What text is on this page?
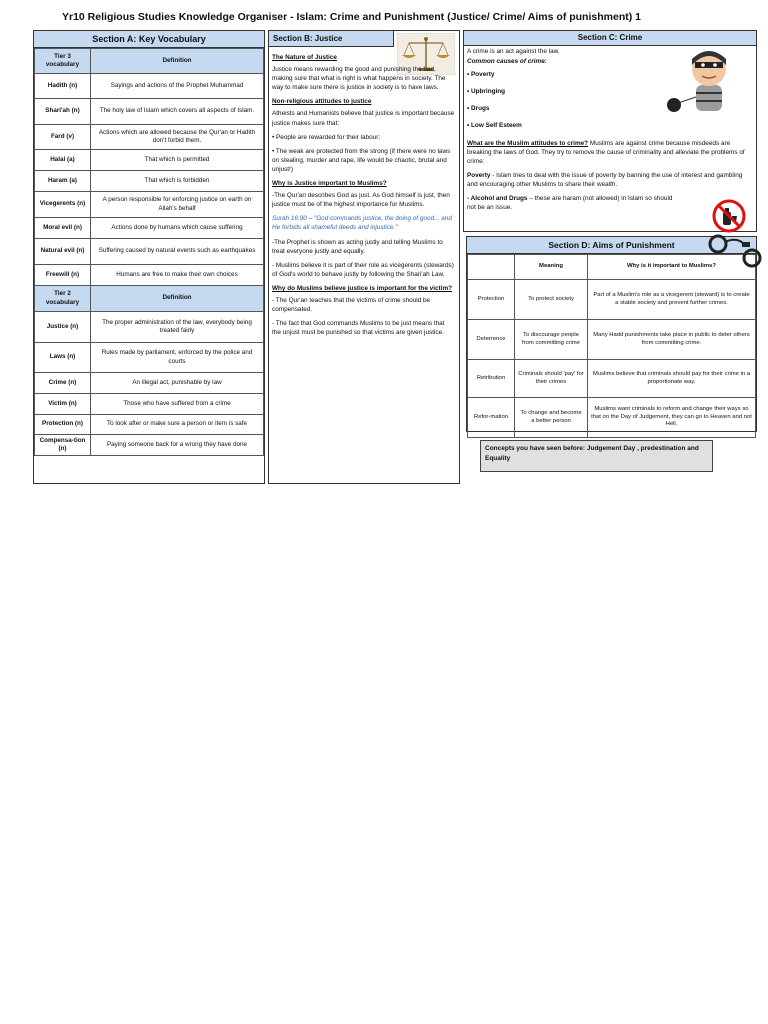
Yr10 Religious Studies Knowledge Organiser - Islam: Crime and Punishment (Justice/ Crime/ Aims of punishment) 1
Section A: Key Vocabulary
Tier 3 vocabulary	Definition
Hadith (n)	Sayings and actions of the Prophet Muhammad
Shari'ah (n)	The holy law of Islam which covers all aspects of Islam.
Fard (v)	Actions which are allowed because the Qur'an or Hadith don't forbid them.
Halal (a)	That which is permitted
Haram (a)	That which is forbidden
Vicegerents (n)	A person responsible for enforcing justice on earth on Allah's behalf
Moral evil (n)	Actions done by humans which cause suffering
Natural evil (n)	Suffering caused by natural events such as earthquakes
Freewill (n)	Humans are free to make their own choices
Tier 2 vocabulary	Definition
Justice (n)	The proper administration of the law, everybody being treated fairly
Laws (n)	Rules made by parliament, enforced by the police and courts
Crime (n)	An illegal act, punishable by law
Victim (n)	Those who have suffered from a crime
Protection (n)	To look after or make sure a person or item is safe
Compensa-tion (n)	Paying someone back for a wrong they have done
Section B: Justice

The Nature of Justice

Justice means rewarding the good and punishing the bad, making sure that what is right is what happens in society. The way to make sure there is justice in society is to have laws.

Non-religious attitudes to justice

Atheists and Humanists believe that justice is important because justice makes sure that:

• People are rewarded for their labour;

• The weak are protected from the strong (if there were no laws on stealing, murder and rape, life would be chaotic, brutal and unjust!)

Why is Justice important to Muslims?

-The Qur'an describes God as just. As God himself is just, then justice must be of the highest importance for Muslims.

Surah 16:90 – "God commands justice, the doing of good... and He forbids all shameful deeds and injustice."

-The Prophet is shown as acting justly and telling Muslims to treat everyone justly and equally.

- Muslims believe it is part of their role as vicegerents (stewards) of God's world to behave justly by following the Shari'ah Law.

Why do Muslims believe justice is important for the victim?

- The Qur'an teaches that the victims of crime should be compensated.

- The fact that God commands Muslims to be just means that the unjust must be punished so that victims are given justice.

Section C: Crime

A crime is an act against the law.

Common causes of crime:

• Poverty

• Upbringing

• Drugs

• Low Self Esteem

What are the Muslim attitudes to crime? Muslims are against crime because misdeeds are breaking the laws of God. They try to remove the cause of criminality and alleviate the problems of crime:

Poverty - Islam tries to deal with the issue of poverty by banning the use of interest and gambling and encouraging other Muslims to share their wealth.

- Alcohol and Drugs – these are haram (not allowed) in Islam so should not be an issue.

Section D: Aims of Punishment
	Meaning	Why is it important to Muslims?
Protection	To protect society	Part of a Muslim's role as a vicegerent (steward) is to create a stable society and prevent further crimes.
Deterrence	To discourage people from committing crime	Many Hadd punishments take place in public to deter others from committing crime.
Retribution	Criminals should 'pay' for their crimes	Muslims believe that criminals should pay for their crime in a proportionate way.
Refor-mation	To change and become a better person	Muslims want criminals to reform and change their ways so that on the Day of Judgement, they can go to Heaven and not Hell.
Concepts you have seen before: Judgement Day , predestination and Equality
